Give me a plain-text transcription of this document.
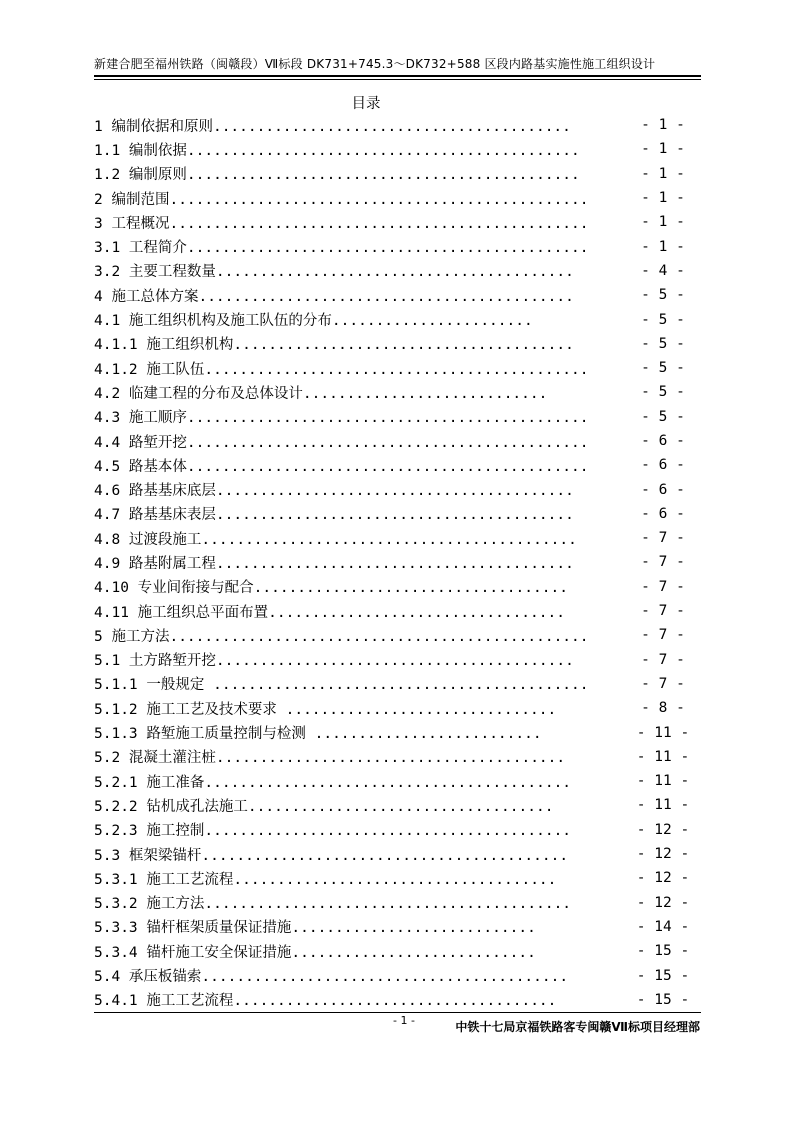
新建合肥至福州铁路（闽赣段）Ⅶ标段 DK731+745.3～DK732+588 区段内路基实施性施工组织设计
目录
1 编制依据和原则.........................................	- 1 -
1.1 编制依据.............................................	- 1 -
1.2 编制原则.............................................	- 1 -
2 编制范围................................................	- 1 -
3 工程概况................................................	- 1 -
3.1 工程简介..............................................	- 1 -
3.2 主要工程数量.........................................	- 4 -
4 施工总体方案...........................................	- 5 -
4.1 施工组织机构及施工队伍的分布.......................	- 5 -
4.1.1 施工组织机构.......................................	- 5 -
4.1.2 施工队伍............................................	- 5 -
4.2 临建工程的分布及总体设计............................	- 5 -
4.3 施工顺序..............................................	- 5 -
4.4 路堑开挖..............................................	- 6 -
4.5 路基本体..............................................	- 6 -
4.6 路基基床底层.........................................	- 6 -
4.7 路基基床表层.........................................	- 6 -
4.8 过渡段施工...........................................	- 7 -
4.9 路基附属工程.........................................	- 7 -
4.10 专业间衔接与配合....................................	- 7 -
4.11 施工组织总平面布置..................................	- 7 -
5 施工方法................................................	- 7 -
5.1 土方路堑开挖.........................................	- 7 -
5.1.1 一般规定 ...........................................	- 7 -
5.1.2 施工工艺及技术要求 ...............................	- 8 -
5.1.3 路堑施工质量控制与检测 ..........................	- 11 -
5.2 混凝土灌注桩........................................	- 11 -
5.2.1 施工准备..........................................	- 11 -
5.2.2 钻机成孔法施工...................................	- 11 -
5.2.3 施工控制..........................................	- 12 -
5.3 框架梁锚杆..........................................	- 12 -
5.3.1 施工工艺流程.....................................	- 12 -
5.3.2 施工方法..........................................	- 12 -
5.3.3 锚杆框架质量保证措施............................	- 14 -
5.3.4 锚杆施工安全保证措施............................	- 15 -
5.4 承压板锚索..........................................	- 15 -
5.4.1 施工工艺流程.....................................	- 15 -
- 1 -	中铁十七局京福铁路客专闽赣Ⅶ标项目经理部
